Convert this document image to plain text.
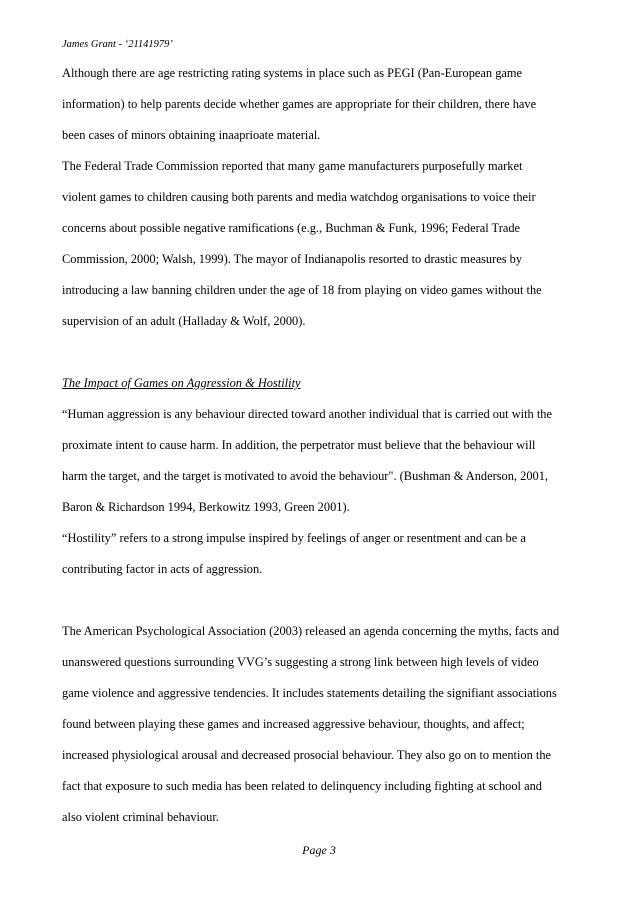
James Grant - ‘21141979’
Although there are age restricting rating systems in place such as PEGI (Pan-European game
information) to help parents decide whether games are appropriate for their children, there have
been cases of minors obtaining inaaprioate material.
The Federal Trade Commission reported that many game manufacturers purposefully market
violent games to children causing both parents and media watchdog organisations to voice their
concerns about possible negative ramifications (e.g., Buchman & Funk, 1996; Federal Trade
Commission, 2000; Walsh, 1999). The mayor of Indianapolis resorted to drastic measures by
introducing a law banning children under the age of 18 from playing on video games without the
supervision of an adult (Halladay & Wolf, 2000).
The Impact of Games on Aggression & Hostility
“Human aggression is any behaviour directed toward another individual that is carried out with the
proximate intent to cause harm. In addition, the perpetrator must believe that the behaviour will
harm the target, and the target is motivated to avoid the behaviour". (Bushman & Anderson, 2001,
Baron & Richardson 1994, Berkowitz 1993, Green 2001).
“Hostility” refers to a strong impulse inspired by feelings of anger or resentment and can be a
contributing factor in acts of aggression.
The American Psychological Association (2003) released an agenda concerning the myths, facts and
unanswered questions surrounding VVG’s suggesting a strong link between high levels of video
game violence and aggressive tendencies. It includes statements detailing the signifiant associations
found between playing these games and increased aggressive behaviour, thoughts, and affect;
increased physiological arousal and decreased prosocial behaviour. They also go on to mention the
fact that exposure to such media has been related to delinquency including fighting at school and
also violent criminal behaviour.
Page 3
